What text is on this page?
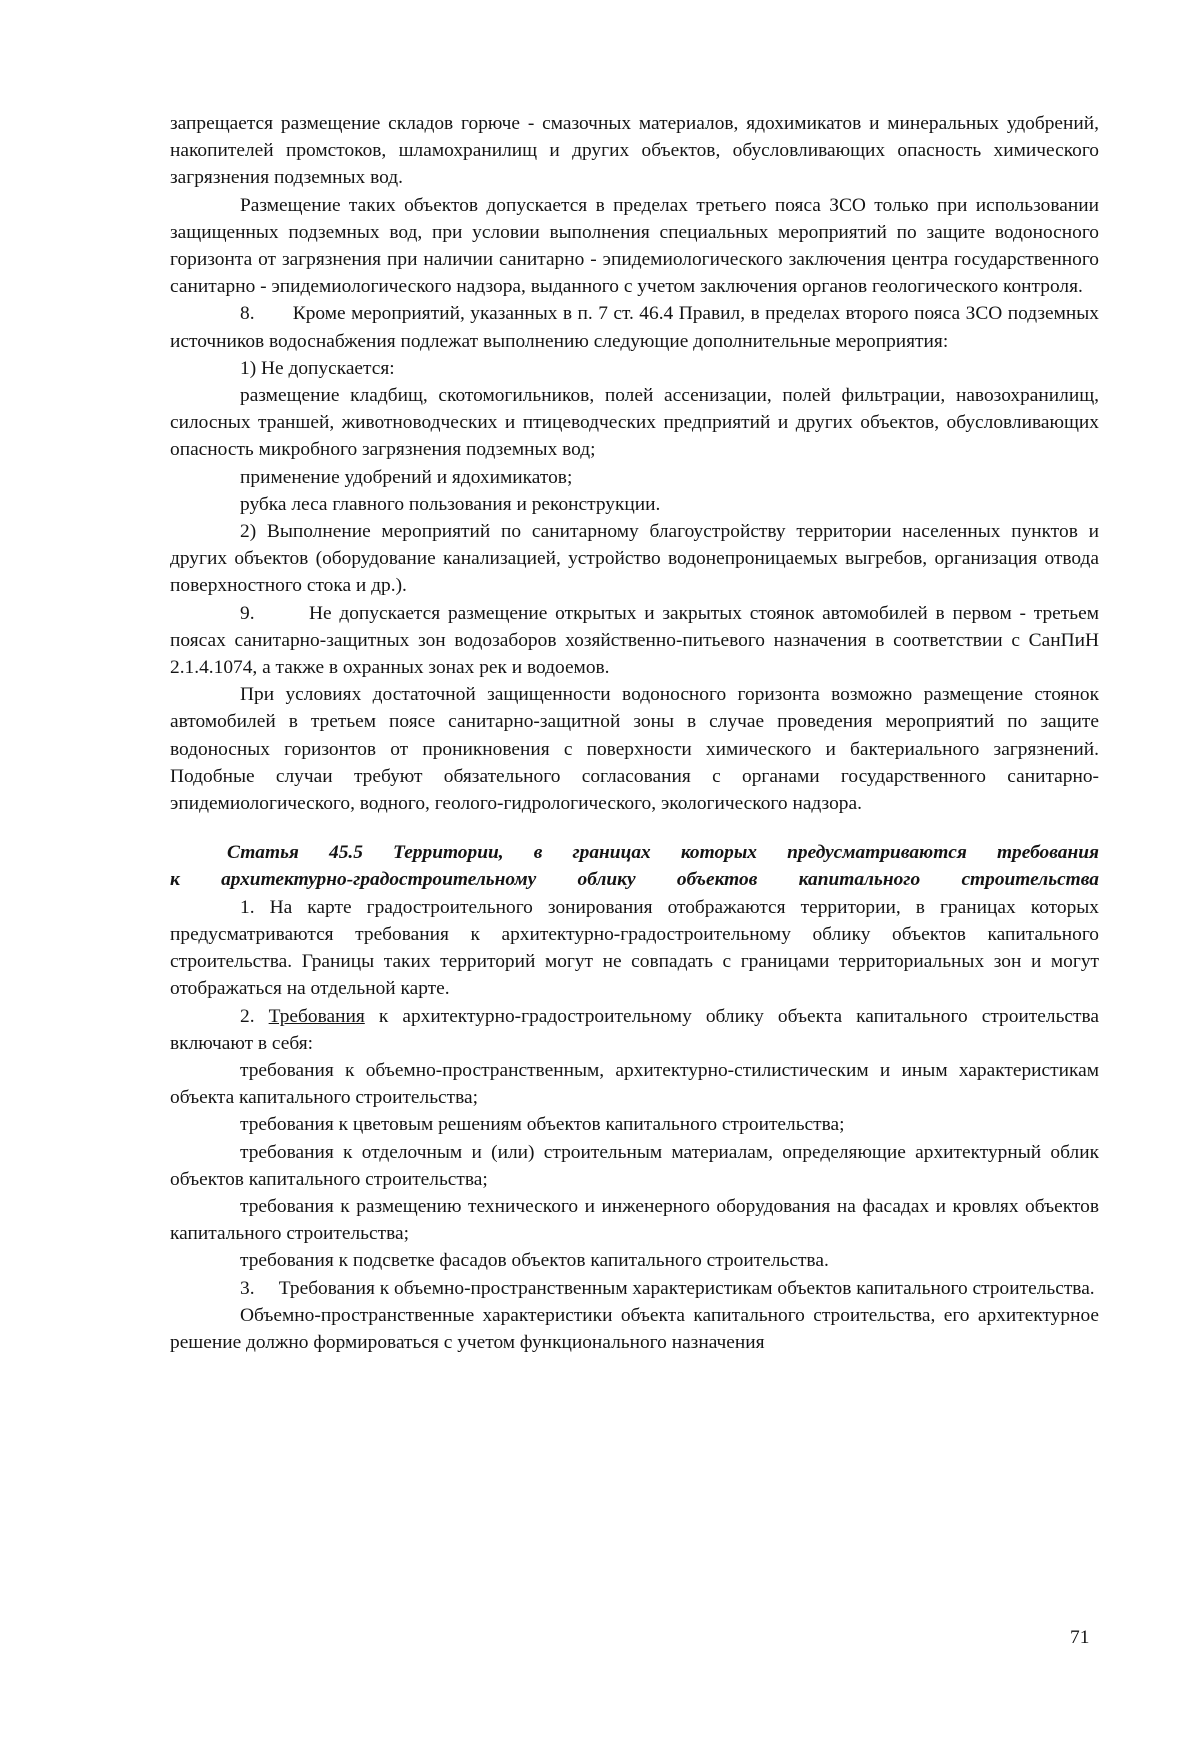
запрещается размещение складов горюче - смазочных материалов, ядохимикатов и минеральных удобрений, накопителей промстоков, шламохранилищ и других объектов, обусловливающих опасность химического загрязнения подземных вод.

Размещение таких объектов допускается в пределах третьего пояса ЗСО только при использовании защищенных подземных вод, при условии выполнения специальных мероприятий по защите водоносного горизонта от загрязнения при наличии санитарно - эпидемиологического заключения центра государственного санитарно - эпидемиологического надзора, выданного с учетом заключения органов геологического контроля.

8.       Кроме мероприятий, указанных в п. 7 ст. 46.4 Правил, в пределах второго пояса ЗСО подземных источников водоснабжения подлежат выполнению следующие дополнительные мероприятия:

1) Не допускается:

размещение кладбищ, скотомогильников, полей ассенизации, полей фильтрации, навозохранилищ, силосных траншей, животноводческих и птицеводческих предприятий и других объектов, обусловливающих опасность микробного загрязнения подземных вод;

применение удобрений и ядохимикатов;

рубка леса главного пользования и реконструкции.

2) Выполнение мероприятий по санитарному благоустройству территории населенных пунктов и других объектов (оборудование канализацией, устройство водонепроницаемых выгребов, организация отвода поверхностного стока и др.).

9.       Не допускается размещение открытых и закрытых стоянок автомобилей в первом - третьем поясах санитарно-защитных зон водозаборов хозяйственно-питьевого назначения в соответствии с СанПиН 2.1.4.1074, а также в охранных зонах рек и водоемов.

При условиях достаточной защищенности водоносного горизонта возможно размещение стоянок автомобилей в третьем поясе санитарно-защитной зоны в случае проведения мероприятий по защите водоносных горизонтов от проникновения с поверхности химического и бактериального загрязнений. Подобные случаи требуют обязательного согласования с органами государственного санитарно-эпидемиологического, водного, геолого-гидрологического, экологического надзора.

Статья 45.5 Территории, в границах которых предусматриваются требования
к архитектурно-градостроительному облику объектов капитального строительства

1. На карте градостроительного зонирования отображаются территории, в границах которых предусматриваются требования к архитектурно-градостроительному облику объектов капитального строительства. Границы таких территорий могут не совпадать с границами территориальных зон и могут отображаться на отдельной карте.

2. Требования к архитектурно-градостроительному облику объекта капитального строительства включают в себя:

требования к объемно-пространственным, архитектурно-стилистическим и иным характеристикам объекта капитального строительства;

требования к цветовым решениям объектов капитального строительства;

требования к отделочным и (или) строительным материалам, определяющие архитектурный облик объектов капитального строительства;

требования к размещению технического и инженерного оборудования на фасадах и кровлях объектов капитального строительства;

требования к подсветке фасадов объектов капитального строительства.

3.     Требования к объемно-пространственным характеристикам объектов капитального строительства.

Объемно-пространственные характеристики объекта капитального строительства, его архитектурное решение должно формироваться с учетом функционального назначения

71
